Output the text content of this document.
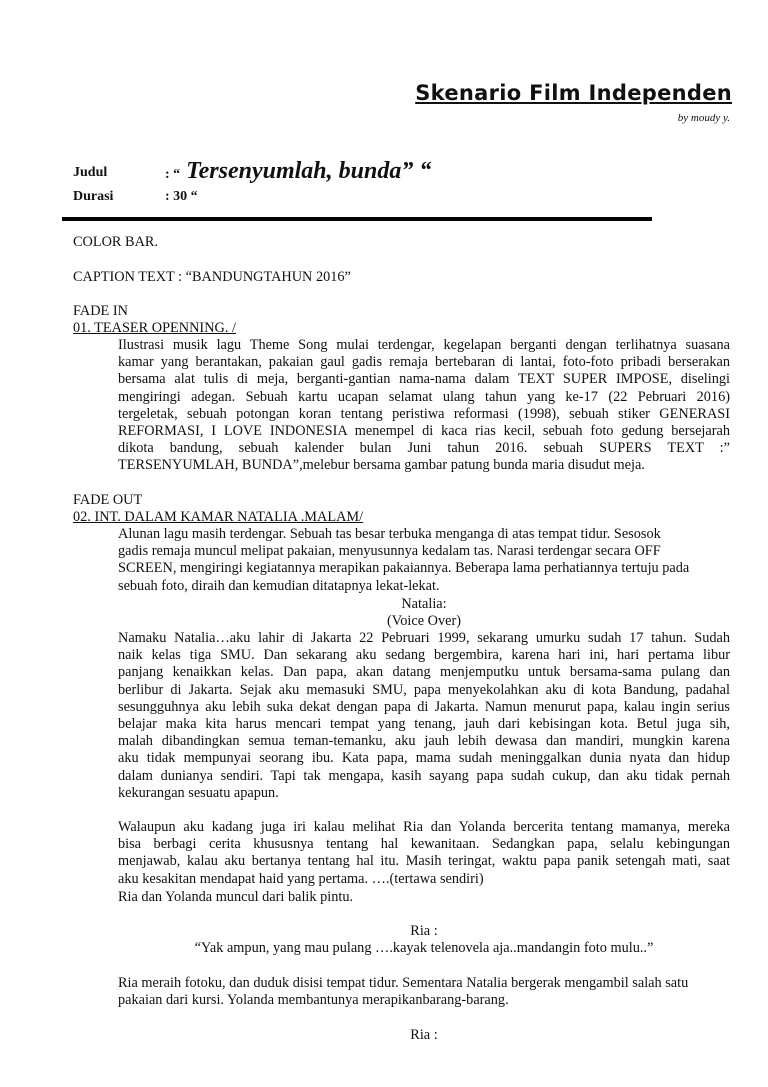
Skenario Film Independen
by moudy y.
Judul	: “ Tersenyumlah, bunda” “
Durasi	: 30 “
COLOR BAR.
CAPTION TEXT : “BANDUNGTAHUN 2016”
FADE IN
01. TEASER OPENNING. /
Ilustrasi musik lagu Theme Song mulai terdengar, kegelapan berganti dengan terlihatnya suasana
kamar yang berantakan, pakaian gaul gadis remaja bertebaran di lantai, foto-foto pribadi berserakan
bersama alat tulis di meja, berganti-gantian nama-nama dalam TEXT SUPER IMPOSE, diselingi
mengiringi adegan. Sebuah kartu ucapan selamat ulang tahun yang ke-17 (22 Pebruari 2016)
tergeletak, sebuah potongan koran tentang peristiwa reformasi (1998), sebuah stiker GENERASI
REFORMASI, I LOVE INDONESIA menempel di kaca rias kecil, sebuah foto gedung bersejarah
dikota bandung, sebuah kalender bulan Juni tahun 2016. sebuah SUPERS TEXT :”
TERSENYUMLAH, BUNDA”,melebur bersama gambar patung bunda maria disudut meja.
FADE OUT
02. INT. DALAM KAMAR NATALIA .MALAM/
Alunan lagu masih terdengar. Sebuah tas besar terbuka menganga di atas tempat tidur. Sesosok
gadis remaja muncul melipat pakaian, menyusunnya kedalam tas. Narasi terdengar secara OFF
SCREEN, mengiringi kegiatannya merapikan pakaiannya. Beberapa lama perhatiannya tertuju pada
sebuah foto, diraih dan kemudian ditatapnya lekat-lekat.
Natalia:
(Voice Over)
Namaku Natalia…aku lahir di Jakarta 22 Pebruari 1999, sekarang umurku sudah 17 tahun. Sudah
naik kelas tiga SMU. Dan sekarang aku sedang bergembira, karena hari ini, hari pertama libur
panjang kenaikkan kelas. Dan papa, akan datang menjemputku untuk bersama-sama pulang dan
berlibur di Jakarta. Sejak aku memasuki SMU, papa menyekolahkan aku di kota Bandung, padahal
sesungguhnya aku lebih suka dekat dengan papa di Jakarta. Namun menurut papa, kalau ingin serius
belajar maka kita harus mencari tempat yang tenang, jauh dari kebisingan kota. Betul juga sih,
malah dibandingkan semua teman-temanku, aku jauh lebih dewasa dan mandiri, mungkin karena
aku tidak mempunyai seorang ibu. Kata papa, mama sudah meninggalkan dunia nyata dan hidup
dalam dunianya sendiri. Tapi tak mengapa, kasih sayang papa sudah cukup, dan aku tidak pernah
kekurangan sesuatu apapun.
Walaupun aku kadang juga iri kalau melihat Ria dan Yolanda bercerita tentang mamanya, mereka
bisa berbagi cerita khususnya tentang hal kewanitaan. Sedangkan papa, selalu kebingungan
menjawab, kalau aku bertanya tentang hal itu. Masih teringat, waktu papa panik setengah mati, saat
aku kesakitan mendapat haid yang pertama. ….(tertawa sendiri)
Ria dan Yolanda muncul dari balik pintu.
Ria :
“Yak ampun, yang mau pulang ….kayak telenovela aja..mandangin foto mulu..”
Ria meraih fotoku, dan duduk disisi tempat tidur. Sementara Natalia bergerak mengambil salah satu
pakaian dari kursi. Yolanda membantunya merapikanbarang-barang.
Ria :
